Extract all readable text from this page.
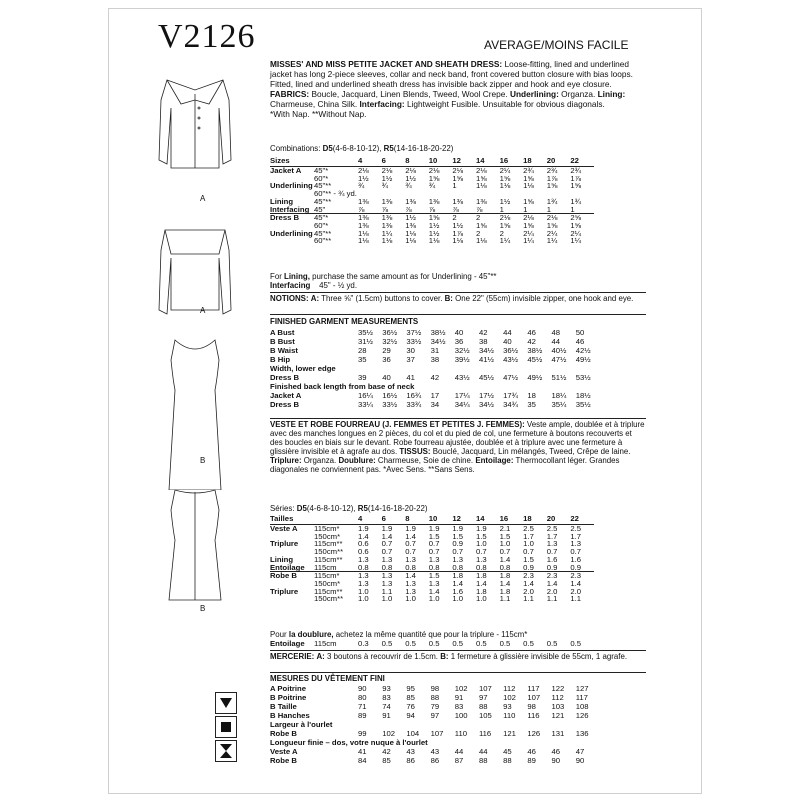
V2126	AVERAGE/MOINS FACILE
MISSES' AND MISS PETITE JACKET AND SHEATH DRESS: Loose-fitting, lined and underlined jacket has long 2-piece sleeves, collar and neck band, front covered button closure with bias loops. Fitted, lined and underlined sheath dress has invisible back zipper and hook and eye closure. FABRICS: Boucle, Jacquard, Linen Blends, Tweed, Wool Crepe. Underlining: Organza. Lining: Charmeuse, China Silk. Interfacing: Lightweight Fusible. Unsuitable for obvious diagonals.
*With Nap. **Without Nap.
A
A
B
B
Combinations: D5(4-6-8-10-12), R5(14-16-18-20-22)
Sizes		4	6	8	10	12	14	16	18	20	22
Jacket A	45"*	2⅛	2⅛	2⅛	2⅛	2⅛	2⅛	2¼	2¾	2¾	2¾
	60"*	1½	1½	1½	1⅝	1⅝	1⅝	1⅝	1⅝	1⅞	1⅞
Underlining	45"**	¾	¾	¾	¾	1	1⅛	1⅛	1⅛	1⅝	1⅝
	60"** - ¾ yd.										
Lining	45"**	1⅜	1⅜	1⅜	1⅜	1⅜	1⅜	1½	1⅝	1¾	1¾
Interfacing	45"	⅞	⅞	⅞	⅞	⅞	⅞	1	1	1	1
Dress B	45"*	1⅜	1⅜	1½	1⅝	2	2	2⅛	2⅛	2⅛	2⅝
	60"*	1⅜	1⅜	1⅜	1½	1½	1⅝	1⅝	1⅝	1⅝	1⅝
Underlining	45"**	1⅛	1¼	1⅛	1½	1⅞	2	2	2¼	2¼	2¼
	60"**	1⅛	1⅛	1⅛	1⅛	1⅛	1⅛	1¼	1¼	1¼	1¼
For Lining, purchase the same amount as for Underlining - 45"**
Interfacing 45" - ½ yd.
NOTIONS: A: Three ⅝" (1.5cm) buttons to cover. B: One 22" (55cm) invisible zipper, one hook and eye.
FINISHED GARMENT MEASUREMENTS
A Bust	35½	36½	37½	38½	40	42	44	46	48	50
B Bust	31½	32½	33½	34½	36	38	40	42	44	46
B Waist	28	29	30	31	32½	34½	36½	38½	40½	42½
B Hip	35	36	37	38	39½	41½	43½	45½	47½	49½
Width, lower edge										
Dress B	39	40	41	42	43½	45½	47½	49½	51½	53½
Finished back length from base of neck										
Jacket A	16¼	16½	16¾	17	17¼	17½	17¾	18	18¼	18½
Dress B	33¼	33½	33¾	34	34¼	34½	34¾	35	35¼	35½
VESTE ET ROBE FOURREAU (J. FEMMES ET PETITES J. FEMMES): Veste ample, doublée et à triplure avec des manches longues en 2 pièces, du col et du pied de col, une fermeture à boutons recouverts et des boucles en biais sur le devant. Robe fourreau ajustée, doublée et à triplure avec une fermeture à glissière invisible et à agrafe au dos. TISSUS: Bouclé, Jacquard, Lin mélangés, Tweed, Crêpe de laine. Triplure: Organza. Doublure: Charmeuse, Soie de chine. Entoilage: Thermocollant léger. Grandes diagonales ne conviennent pas. *Avec Sens. **Sans Sens.
Séries: D5(4-6-8-10-12), R5(14-16-18-20-22)
Tailles		4	6	8	10	12	14	16	18	20	22
Veste A	115cm*	1.9	1.9	1.9	1.9	1.9	1.9	2.1	2.5	2.5	2.5
	150cm*	1.4	1.4	1.4	1.5	1.5	1.5	1.5	1.7	1.7	1.7
Triplure	115cm**	0.6	0.7	0.7	0.7	0.9	1.0	1.0	1.0	1.3	1.3
	150cm**	0.6	0.7	0.7	0.7	0.7	0.7	0.7	0.7	0.7	0.7
Lining	115cm**	1.3	1.3	1.3	1.3	1.3	1.3	1.4	1.5	1.6	1.6
Entoilage	115cm	0.8	0.8	0.8	0.8	0.8	0.8	0.8	0.9	0.9	0.9
Robe B	115cm*	1.3	1.3	1.4	1.5	1.8	1.8	1.8	2.3	2.3	2.3
	150cm*	1.3	1.3	1.3	1.3	1.4	1.4	1.4	1.4	1.4	1.4
Triplure	115cm**	1.0	1.1	1.3	1.4	1.6	1.8	1.8	2.0	2.0	2.0
	150cm**	1.0	1.0	1.0	1.0	1.0	1.0	1.1	1.1	1.1	1.1
Pour la doublure, achetez la même quantité que pour la triplure - 115cm*
Entoilage	115cm	0.3	0.5	0.5	0.5	0.5	0.5	0.5	0.5	0.5	0.5
MERCERIE: A: 3 boutons à recouvrir de 1.5cm. B: 1 fermeture à glissière invisible de 55cm, 1 agrafe.
MESURES DU VÊTEMENT FINI
A Poitrine	90	93	95	98	102	107	112	117	122	127
B Poitrine	80	83	85	88	91	97	102	107	112	117
B Taille	71	74	76	79	83	88	93	98	103	108
B Hanches	89	91	94	97	100	105	110	116	121	126
Largeur à l'ourlet										
Robe B	99	102	104	107	110	116	121	126	131	136
Longueur finie – dos, votre nuque à l'ourlet										
Veste A	41	42	43	43	44	44	45	46	46	47
Robe B	84	85	86	86	87	88	88	89	90	90
